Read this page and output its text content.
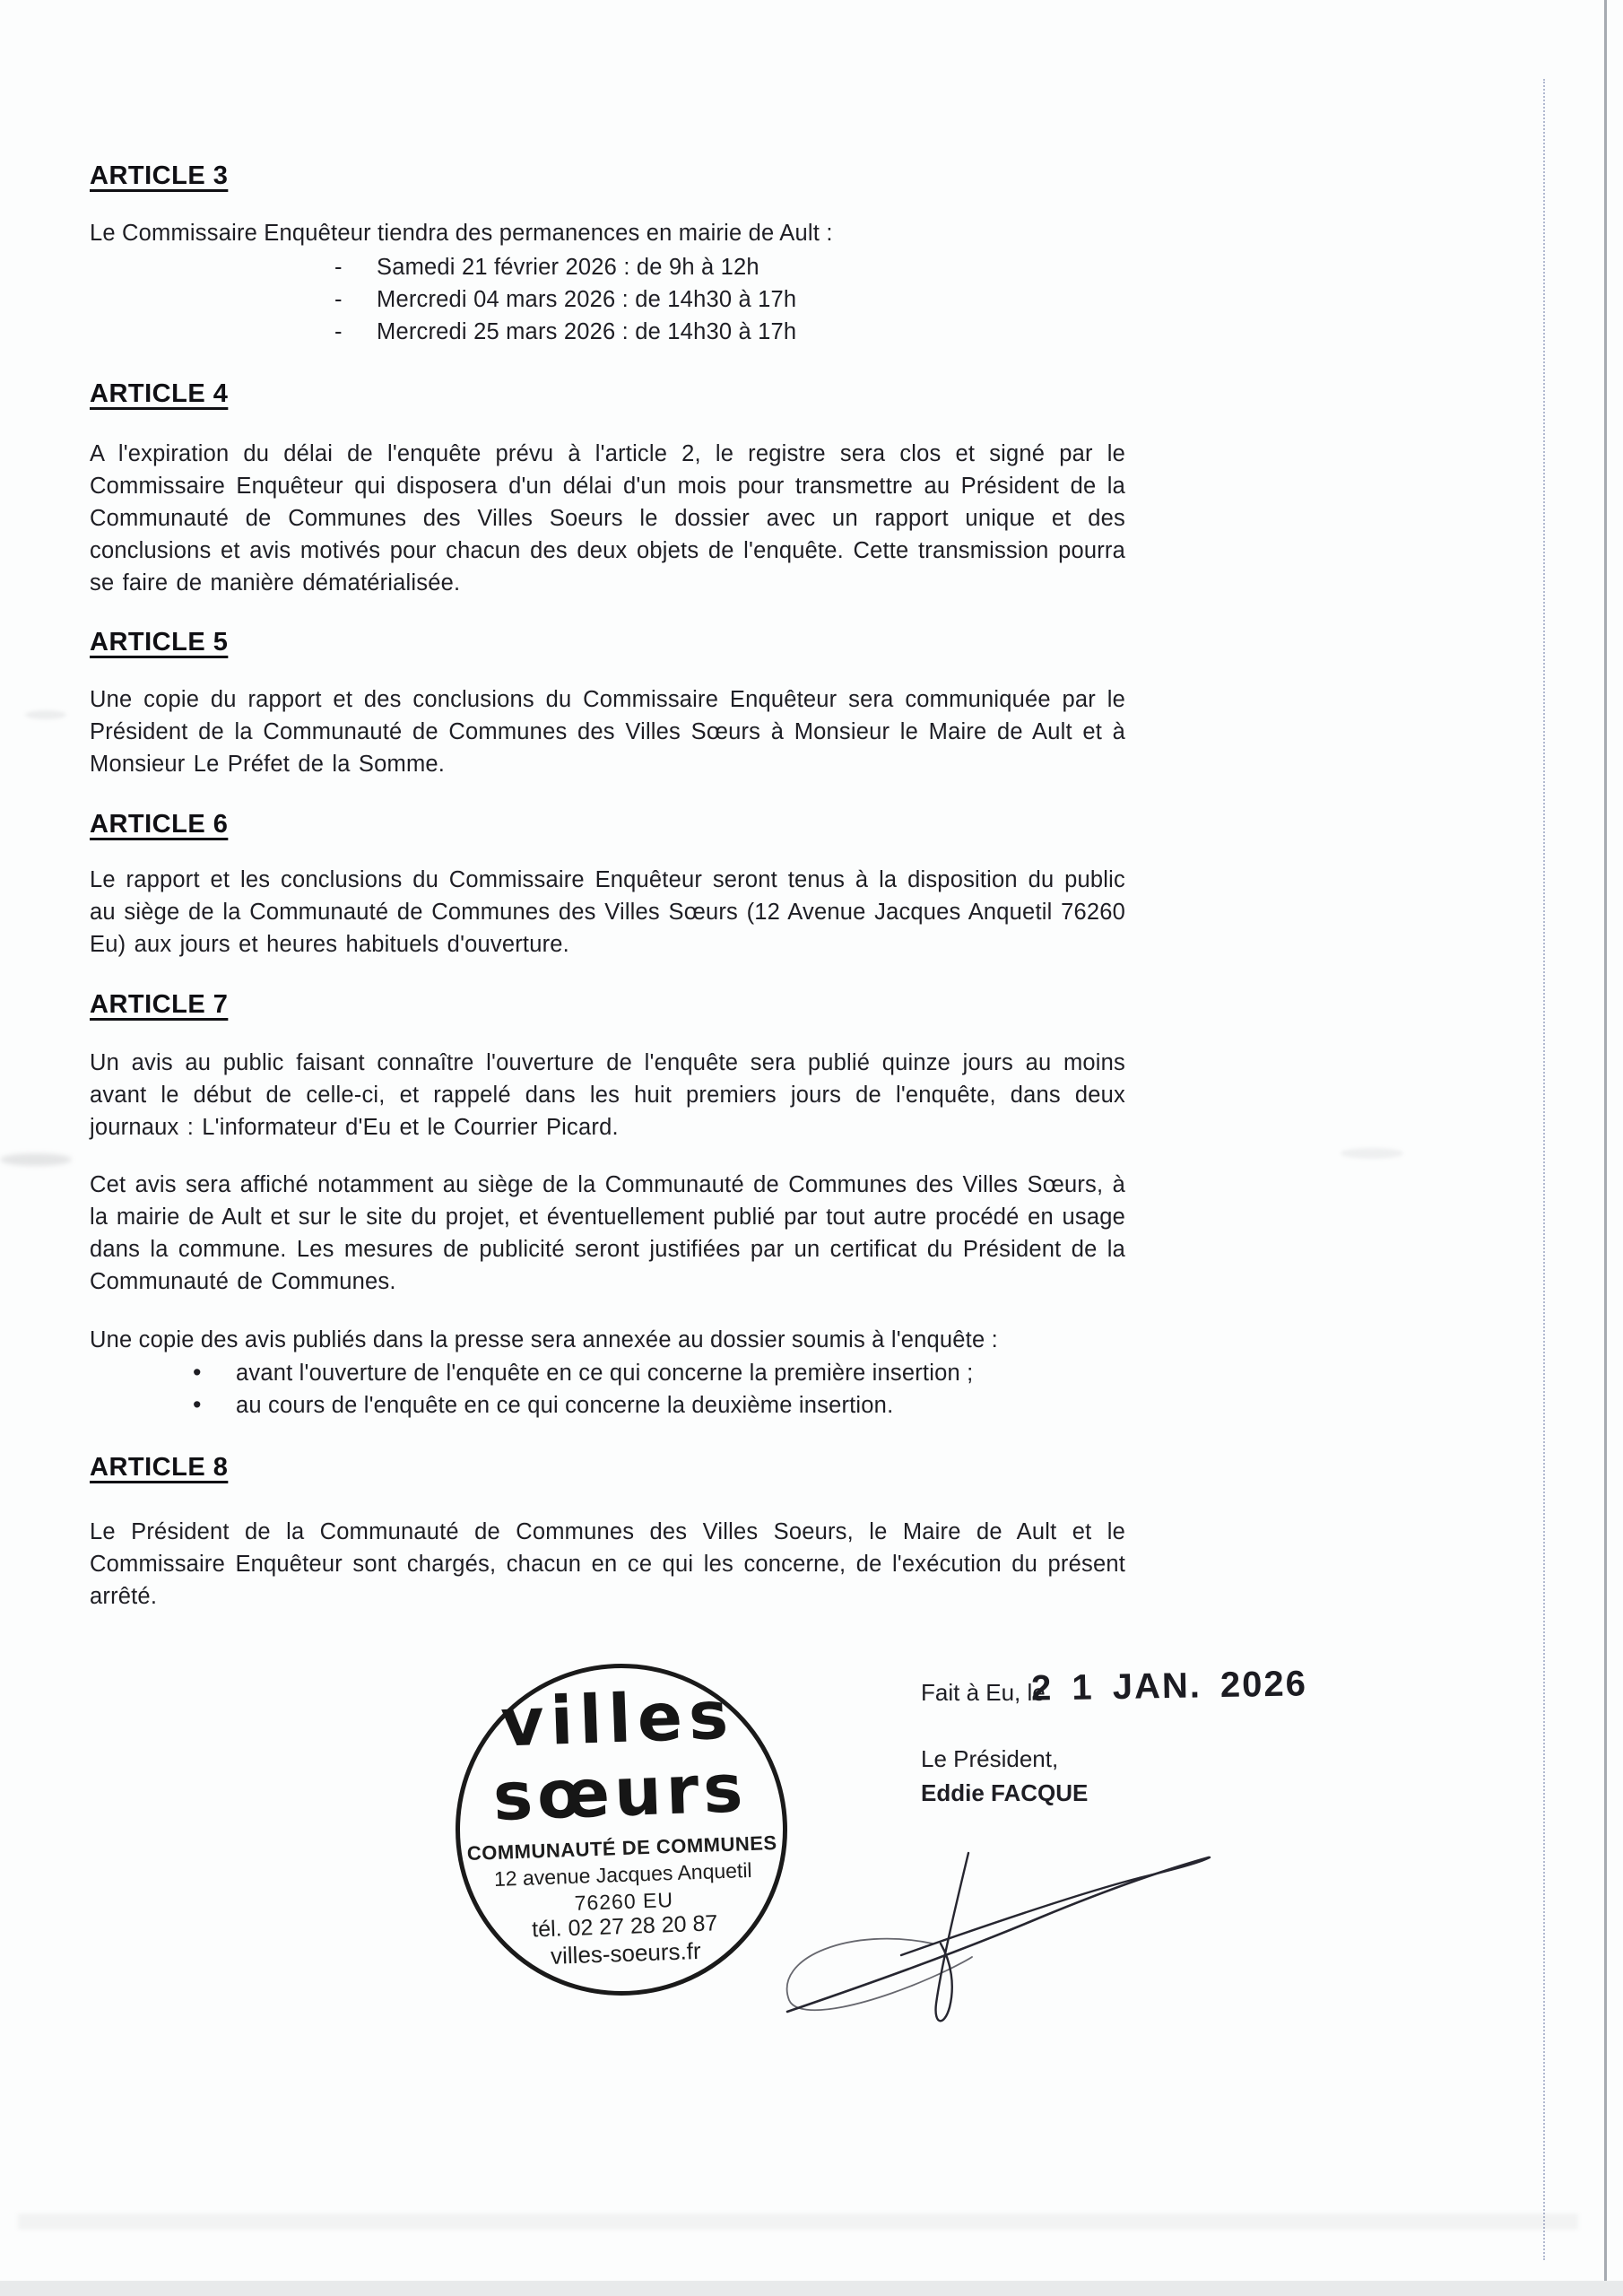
ARTICLE 3

Le Commissaire Enquêteur tiendra des permanences en mairie de Ault :

- Samedi 21 février 2026 : de 9h à 12h

- Mercredi 04 mars 2026 : de 14h30 à 17h

- Mercredi 25 mars 2026 : de 14h30 à 17h

ARTICLE 4

A l'expiration du délai de l'enquête prévu à l'article 2, le registre sera clos et signé par le Commissaire Enquêteur qui disposera d'un délai d'un mois pour transmettre au Président de la Communauté de Communes des Villes Soeurs le dossier avec un rapport unique et des conclusions et avis motivés pour chacun des deux objets de l'enquête. Cette transmission pourra se faire de manière dématérialisée.

ARTICLE 5

Une copie du rapport et des conclusions du Commissaire Enquêteur sera communiquée par le Président de la Communauté de Communes des Villes Sœurs à Monsieur le Maire de Ault et à Monsieur Le Préfet de la Somme.

ARTICLE 6

Le rapport et les conclusions du Commissaire Enquêteur seront tenus à la disposition du public au siège de la Communauté de Communes des Villes Sœurs (12 Avenue Jacques Anquetil 76260 Eu) aux jours et heures habituels d'ouverture.

ARTICLE 7

Un avis au public faisant connaître l'ouverture de l'enquête sera publié quinze jours au moins avant le début de celle-ci, et rappelé dans les huit premiers jours de l'enquête, dans deux journaux : L'informateur d'Eu et le Courrier Picard.

Cet avis sera affiché notamment au siège de la Communauté de Communes des Villes Sœurs, à la mairie de Ault et sur le site du projet, et éventuellement publié par tout autre procédé en usage dans la commune. Les mesures de publicité seront justifiées par un certificat du Président de la Communauté de Communes.

Une copie des avis publiés dans la presse sera annexée au dossier soumis à l'enquête :

• avant l'ouverture de l'enquête en ce qui concerne la première insertion ;

• au cours de l'enquête en ce qui concerne la deuxième insertion.

ARTICLE 8

Le Président de la Communauté de Communes des Villes Soeurs, le Maire de Ault et le Commissaire Enquêteur sont chargés, chacun en ce qui les concerne, de l'exécution du présent arrêté.

villes

sœurs

COMMUNAUTÉ DE COMMUNES

12 avenue Jacques Anquetil

76260 EU

tél. 02 27 28 20 87

villes-soeurs.fr

Fait à Eu, le

2 1 JAN. 2026

Le Président,

Eddie FACQUE
